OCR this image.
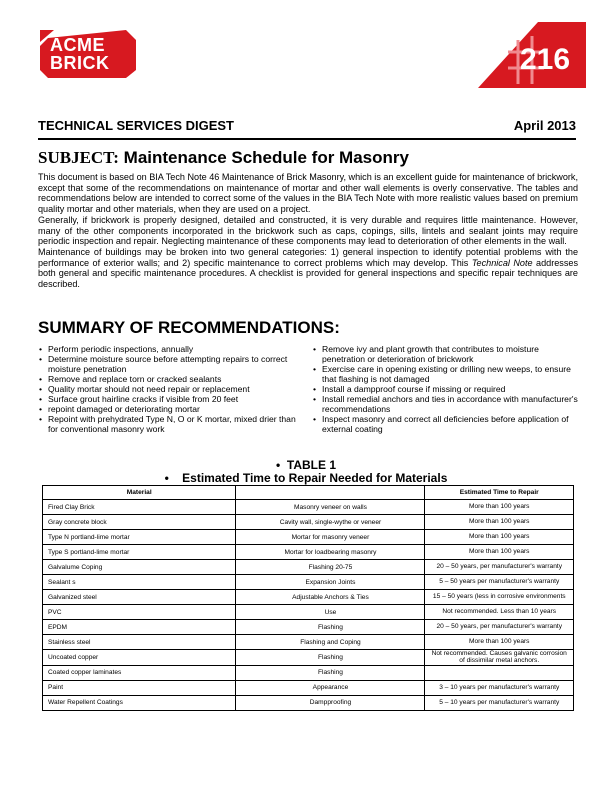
ACME
BRICK	216
TECHNICAL SERVICES DIGEST	April 2013
SUBJECT: Maintenance Schedule for Masonry

This document is based on BIA Tech Note 46 Maintenance of Brick Masonry, which is an excellent guide for maintenance of brickwork, except that some of the recommendations on maintenance of mortar and other wall elements is overly conservative. The tables and recommendations below are intended to correct some of the values in the BIA Tech Note with more realistic values based on premium quality mortar and other materials, when they are used on a project.

Generally, if brickwork is properly designed, detailed and constructed, it is very durable and requires little maintenance. However, many of the other components incorporated in the brickwork such as caps, copings, sills, lintels and sealant joints may require periodic inspection and repair. Neglecting maintenance of these components may lead to deterioration of other elements in the wall.

Maintenance of buildings may be broken into two general categories: 1) general inspection to identify potential problems with the performance of exterior walls; and 2) specific maintenance to correct problems which may develop. This Technical Note addresses both general and specific maintenance procedures. A checklist is provided for general inspections and specific repair techniques are described.

SUMMARY OF RECOMMENDATIONS:
• Perform periodic inspections, annually
• Determine moisture source before attempting repairs to correct moisture penetration
• Remove and replace torn or cracked sealants
• Quality mortar should not need repair or replacement
• Surface grout hairline cracks if visible from 20 feet
• repoint damaged or deteriorating mortar
• Repoint with prehydrated Type N, O or K mortar, mixed drier than for conventional masonry work
• Remove ivy and plant growth that contributes to moisture penetration or deterioration of brickwork
• Exercise care in opening existing or drilling new weeps, to ensure that flashing is not damaged
• Install a dampproof course if missing or required
• Install remedial anchors and ties in accordance with manufacturer's recommendations
• Inspect masonry and correct all deficiencies before application of external coating
•  TABLE 1
•    Estimated Time to Repair Needed for Materials
Material		Estimated Time to Repair
Fired Clay Brick	Masonry veneer on walls	More than 100 years
Gray concrete block	Cavity wall, single-wythe or veneer	More than 100 years
Type N portland-lime mortar	Mortar for masonry veneer	More than 100 years
Type S portland-lime mortar	Mortar for loadbearing masonry	More than 100 years
Galvalume Coping	Flashing 20-75	20 – 50 years, per manufacturer's warranty
Sealant s	Expansion Joints	5 – 50 years per manufacturer's warranty
Galvanized steel	Adjustable Anchors & Ties	15 – 50 years (less in corrosive environments
PVC	Use	Not recommended. Less than 10 years
EPDM	Flashing	20 – 50 years, per manufacturer's warranty
Stainless steel	Flashing and Coping	More than 100 years
Uncoated copper	Flashing	Not recommended. Causes galvanic corrosion of dissimilar metal anchors.
Coated copper laminates	Flashing	
Paint	Appearance	3 – 10 years per manufacturer's warranty
Water Repellent Coatings	Dampproofing	5 – 10 years per manufacturer's warranty
